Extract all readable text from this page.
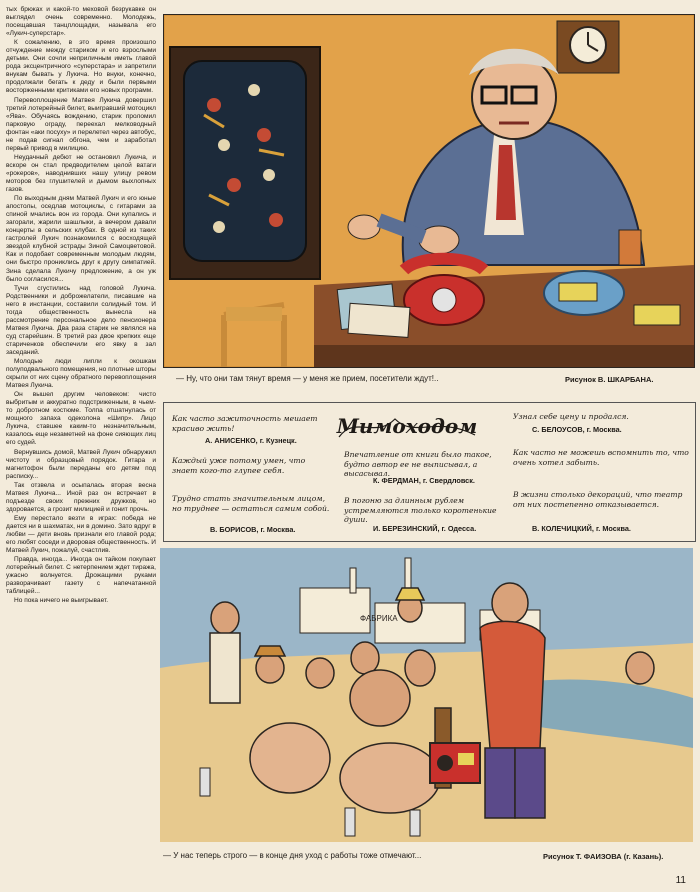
тых брюках и какой-то меховой безрукавке он выглядел очень современно. Молодежь, посещавшая танцплощадки, называла его «Лукич-суперстар».

К сожалению, в это время произошло отчуждение между стариком и его взрослыми детьми. Они сочли неприличным иметь главой рода эксцентричного «суперстара» и запретили внукам бывать у Лукича. Но внуки, конечно, продолжали бегать к деду и были первыми восторженными критиками его новых программ.

Перевоплощение Матвея Лукича довершил третий лотерейный билет, выигравший мотоцикл «Ява». Обучаясь вождению, старик проломил парковую ограду, переехал мелководный фонтан «аки посуху» и перелетел через автобус, не подав сигнал обгона, чем и заработал первый привод в милицию.

Неудачный дебют не остановил Лукича, и вскоре он стал предводителем целой ватаги «рокеров», наводнивших нашу улицу ревом моторов без глушителей и дымом выхлопных газов.

По выходным дням Матвей Лукич и его юные апостолы, оседлав мотоциклы, с гитарами за спиной мчались вон из города. Они купались и загорали, жарили шашлыки, а вечером давали концерты в сельских клубах. В одной из таких гастролей Лукич познакомился с восходящей звездой клубной эстрады Зиной Самоцветовой. Как и подобает современным молодым людям, они быстро прониклись друг к другу симпатией. Зина сделала Лукичу предложение, а он уж было согласился...

Тучи сгустились над головой Лукича. Родственники и доброжелатели, писавшие на него в инстанции, составили солидный том. И тогда общественность вынесла на рассмотрение персональное дело пенсионера Матвея Лукича. Два раза старик не являлся на суд старейшин. В третий раз двое крепких еще стариченков обеспечили его явку в зал заседаний.

Молодые люди липли к окошкам полуподвального помещения, но плотные шторы скрыли от них сцену обратного перевоплощения Матвея Лукича.

Он вышел другим человеком: чисто выбритым и аккуратно подстриженным, в чьем-то добротном костюме. Толпа отшатнулась от мощного запаха одеколона «Шипр». Лицо Лукича, ставшее каким-то незначительным, казалось еще незаметней на фоне сияющих лиц его судей.

Вернувшись домой, Матвей Лукич обнаружил чистоту и образцовый порядок. Гитара и магнитофон были переданы его детям под расписку...

Так отзвела и осыпалась вторая весна Матвея Лукича... Иной раз он встречает в подъезде своих прежних дружков, но здоровается, а грозит милицией и гонит прочь.

Ему перестало везти в играх: победа не дается ни в шахматах, ни в домино. Зато вдруг в любви — дети вновь признали его главой рода; его любят соседи и дворовая общественность. И Матвей Лукич, пожалуй, счастлив.

Правда, иногда... Иногда он тайком покупает лотерейный билет. С нетерпением ждет тиража, ужасно волнуется. Дрожащими руками разворачивает газету с напечатанной таблицей...

Но пока ничего не выигрывает.

— Ну, что они там тянут время — у меня же прием, посетители ждут!..	Рисунок В. ШКАРБАНА.
Мимоходом
Как часто зажиточность мешает красиво жить!
А. АНИСЕНКО, г. Кузнецк.
Каждый уже потому умен, что знает кого-то глупее себя.
Трудно стать значительным лицом, но труднее — остаться самим собой.
В. БОРИСОВ, г. Москва.
Впечатление от книги было такое, будто автор ее не выписывал, а высасывал.
К. ФЕРДМАН, г. Свердловск.
В погоню за длинным рублем устремляются только коротенькие души.
И. БЕРЕЗИНСКИЙ, г. Одесса.
Узнал себе цену и продался.
С. БЕЛОУСОВ, г. Москва.
Как часто не можешь вспомнить то, что очень хотел забыть.
В жизни столько декораций, что театр от них постепенно отказывается.
В. КОЛЕЧИЦКИЙ, г. Москва.
ФАБРИКА
— У нас теперь строго — в конце дня уход с работы тоже отмечают...	Рисунок Т. ФАИЗОВА (г. Казань).
11
